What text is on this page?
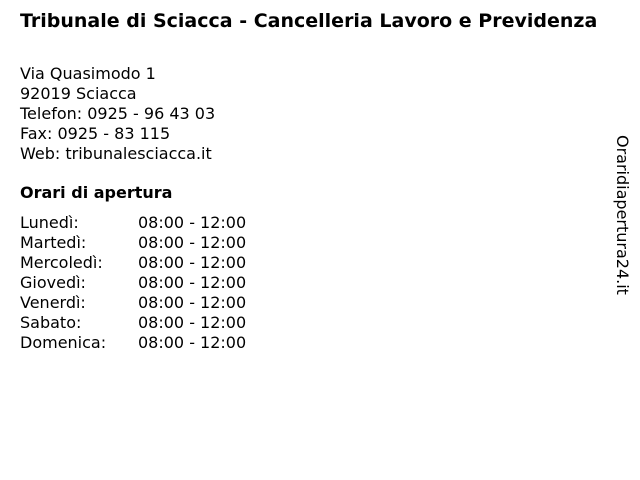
Tribunale di Sciacca - Cancelleria Lavoro e Previdenza
Via Quasimodo 1
92019 Sciacca
Telefon: 0925 - 96 43 03
Fax: 0925 - 83 115
Web: tribunalesciacca.it
Orari di apertura
Lunedì:	08:00 - 12:00
Martedì:	08:00 - 12:00
Mercoledì:	08:00 - 12:00
Giovedì:	08:00 - 12:00
Venerdì:	08:00 - 12:00
Sabato:	08:00 - 12:00
Domenica:	08:00 - 12:00
Oraridiapertura24.it
